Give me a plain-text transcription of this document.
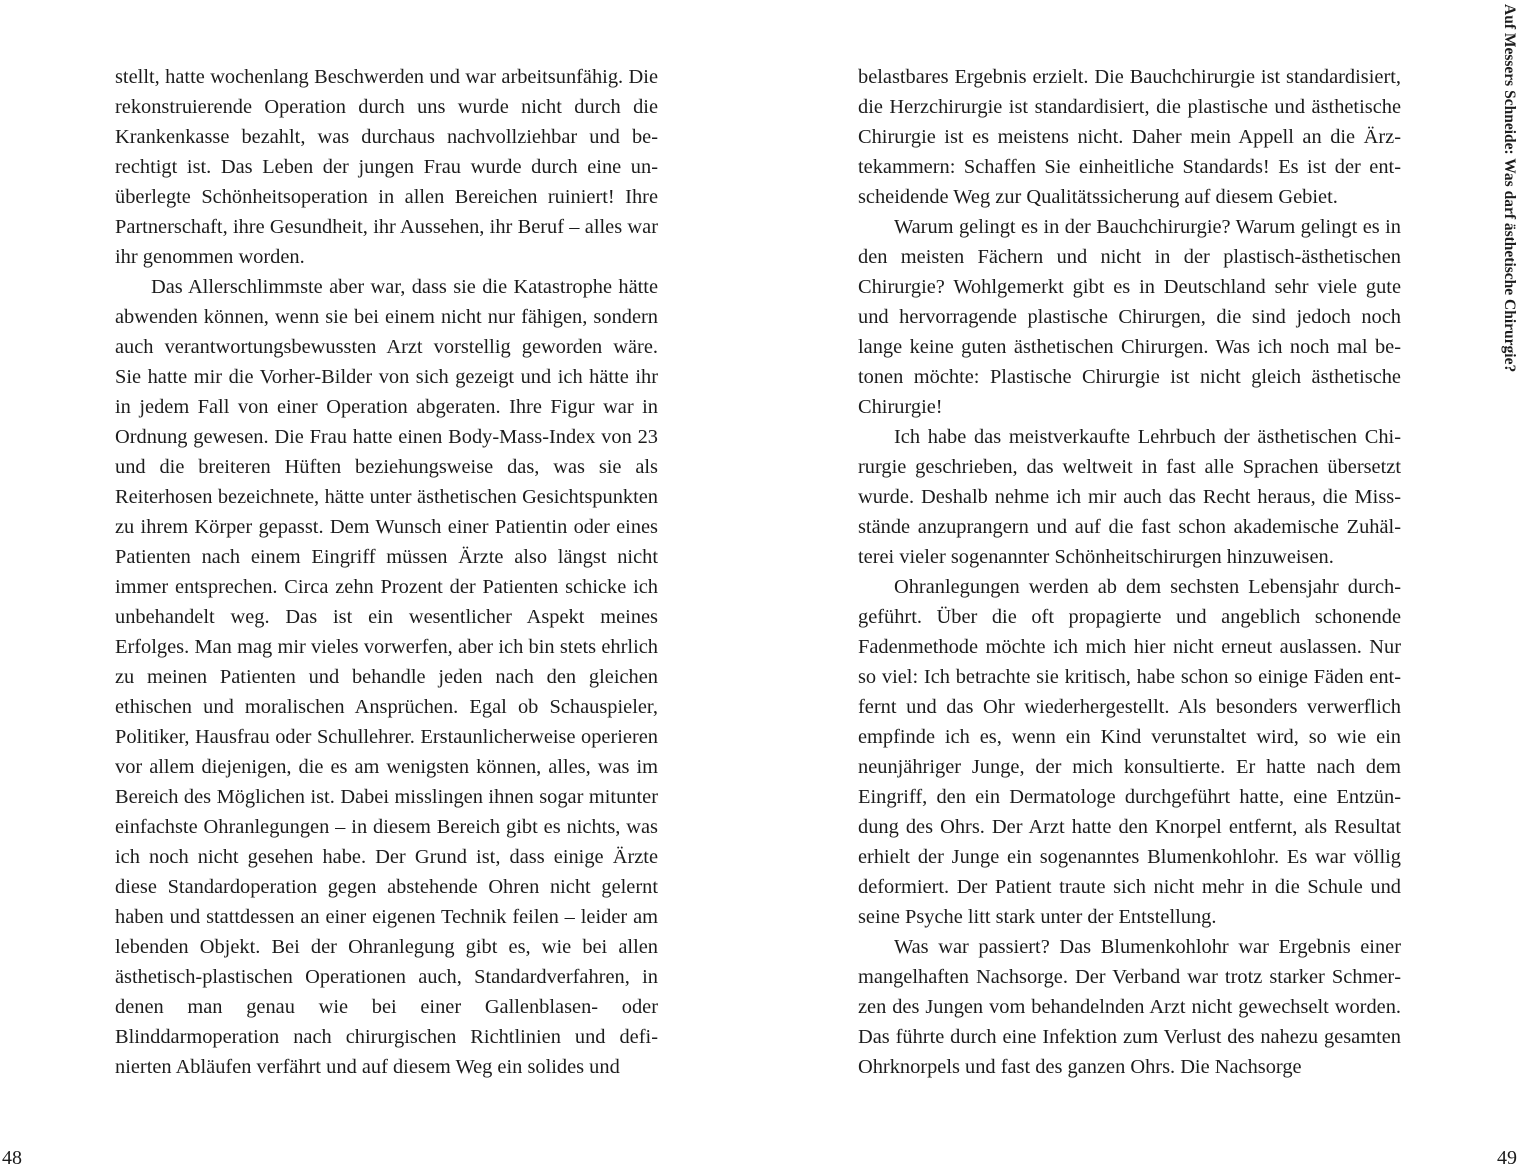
stellt, hatte wochenlang Beschwerden und war arbeitsunfähig. Die rekonstruierende Operation durch uns wurde nicht durch die Krankenkasse bezahlt, was durchaus nachvollziehbar und berechtigt ist. Das Leben der jungen Frau wurde durch eine unüberlegte Schönheitsoperation in allen Bereichen ruiniert! Ihre Partnerschaft, ihre Gesundheit, ihr Aussehen, ihr Beruf – alles war ihr genommen worden.

Das Allerschlimmste aber war, dass sie die Katastrophe hätte abwenden können, wenn sie bei einem nicht nur fähigen, sondern auch verantwortungsbewussten Arzt vorstellig geworden wäre. Sie hatte mir die Vorher-Bilder von sich gezeigt und ich hätte ihr in jedem Fall von einer Operation abgeraten. Ihre Figur war in Ordnung gewesen. Die Frau hatte einen Body-Mass-Index von 23 und die breiteren Hüften beziehungsweise das, was sie als Reiterhosen bezeichnete, hätte unter ästhetischen Gesichtspunkten zu ihrem Körper gepasst. Dem Wunsch einer Patientin oder eines Patienten nach einem Eingriff müssen Ärzte also längst nicht immer entsprechen. Circa zehn Prozent der Patienten schicke ich unbehandelt weg. Das ist ein wesentlicher Aspekt meines Erfolges. Man mag mir vieles vorwerfen, aber ich bin stets ehrlich zu meinen Patienten und behandle jeden nach den gleichen ethischen und moralischen Ansprüchen. Egal ob Schauspieler, Politiker, Hausfrau oder Schullehrer. Erstaunlicherweise operieren vor allem diejenigen, die es am wenigsten können, alles, was im Bereich des Möglichen ist. Dabei misslingen ihnen sogar mitunter einfachste Ohranlegungen – in diesem Bereich gibt es nichts, was ich noch nicht gesehen habe. Der Grund ist, dass einige Ärzte diese Standardoperation gegen abstehende Ohren nicht gelernt haben und stattdessen an einer eigenen Technik feilen – leider am lebenden Objekt. Bei der Ohranlegung gibt es, wie bei allen ästhetisch-plastischen Operationen auch, Standardverfahren, in denen man genau wie bei einer Gallenblasen- oder Blinddarmoperation nach chirurgischen Richtlinien und definierten Abläufen verfährt und auf diesem Weg ein solides und

48

belastbares Ergebnis erzielt. Die Bauchchirurgie ist standardisiert, die Herzchirurgie ist standardisiert, die plastische und ästhetische Chirurgie ist es meistens nicht. Daher mein Appell an die Ärztekammern: Schaffen Sie einheitliche Standards! Es ist der entscheidende Weg zur Qualitätssicherung auf diesem Gebiet.

Warum gelingt es in der Bauchchirurgie? Warum gelingt es in den meisten Fächern und nicht in der plastisch-ästhetischen Chirurgie? Wohlgemerkt gibt es in Deutschland sehr viele gute und hervorragende plastische Chirurgen, die sind jedoch noch lange keine guten ästhetischen Chirurgen. Was ich noch mal betonen möchte: Plastische Chirurgie ist nicht gleich ästhetische Chirurgie!

Ich habe das meistverkaufte Lehrbuch der ästhetischen Chirurgie geschrieben, das weltweit in fast alle Sprachen übersetzt wurde. Deshalb nehme ich mir auch das Recht heraus, die Missstände anzuprangern und auf die fast schon akademische Zuhälterei vieler sogenannter Schönheitschirurgen hinzuweisen.

Ohranlegungen werden ab dem sechsten Lebensjahr durchgeführt. Über die oft propagierte und angeblich schonende Fadenmethode möchte ich mich hier nicht erneut auslassen. Nur so viel: Ich betrachte sie kritisch, habe schon so einige Fäden entfernt und das Ohr wiederhergestellt. Als besonders verwerflich empfinde ich es, wenn ein Kind verunstaltet wird, so wie ein neunjähriger Junge, der mich konsultierte. Er hatte nach dem Eingriff, den ein Dermatologe durchgeführt hatte, eine Entzündung des Ohrs. Der Arzt hatte den Knorpel entfernt, als Resultat erhielt der Junge ein sogenanntes Blumenkohlohr. Es war völlig deformiert. Der Patient traute sich nicht mehr in die Schule und seine Psyche litt stark unter der Entstellung.

Was war passiert? Das Blumenkohlohr war Ergebnis einer mangelhaften Nachsorge. Der Verband war trotz starker Schmerzen des Jungen vom behandelnden Arzt nicht gewechselt worden. Das führte durch eine Infektion zum Verlust des nahezu gesamten Ohrknorpels und fast des ganzen Ohrs. Die Nachsorge

49
Auf Messers Schneide: Was darf ästhetische Chirurgie?
